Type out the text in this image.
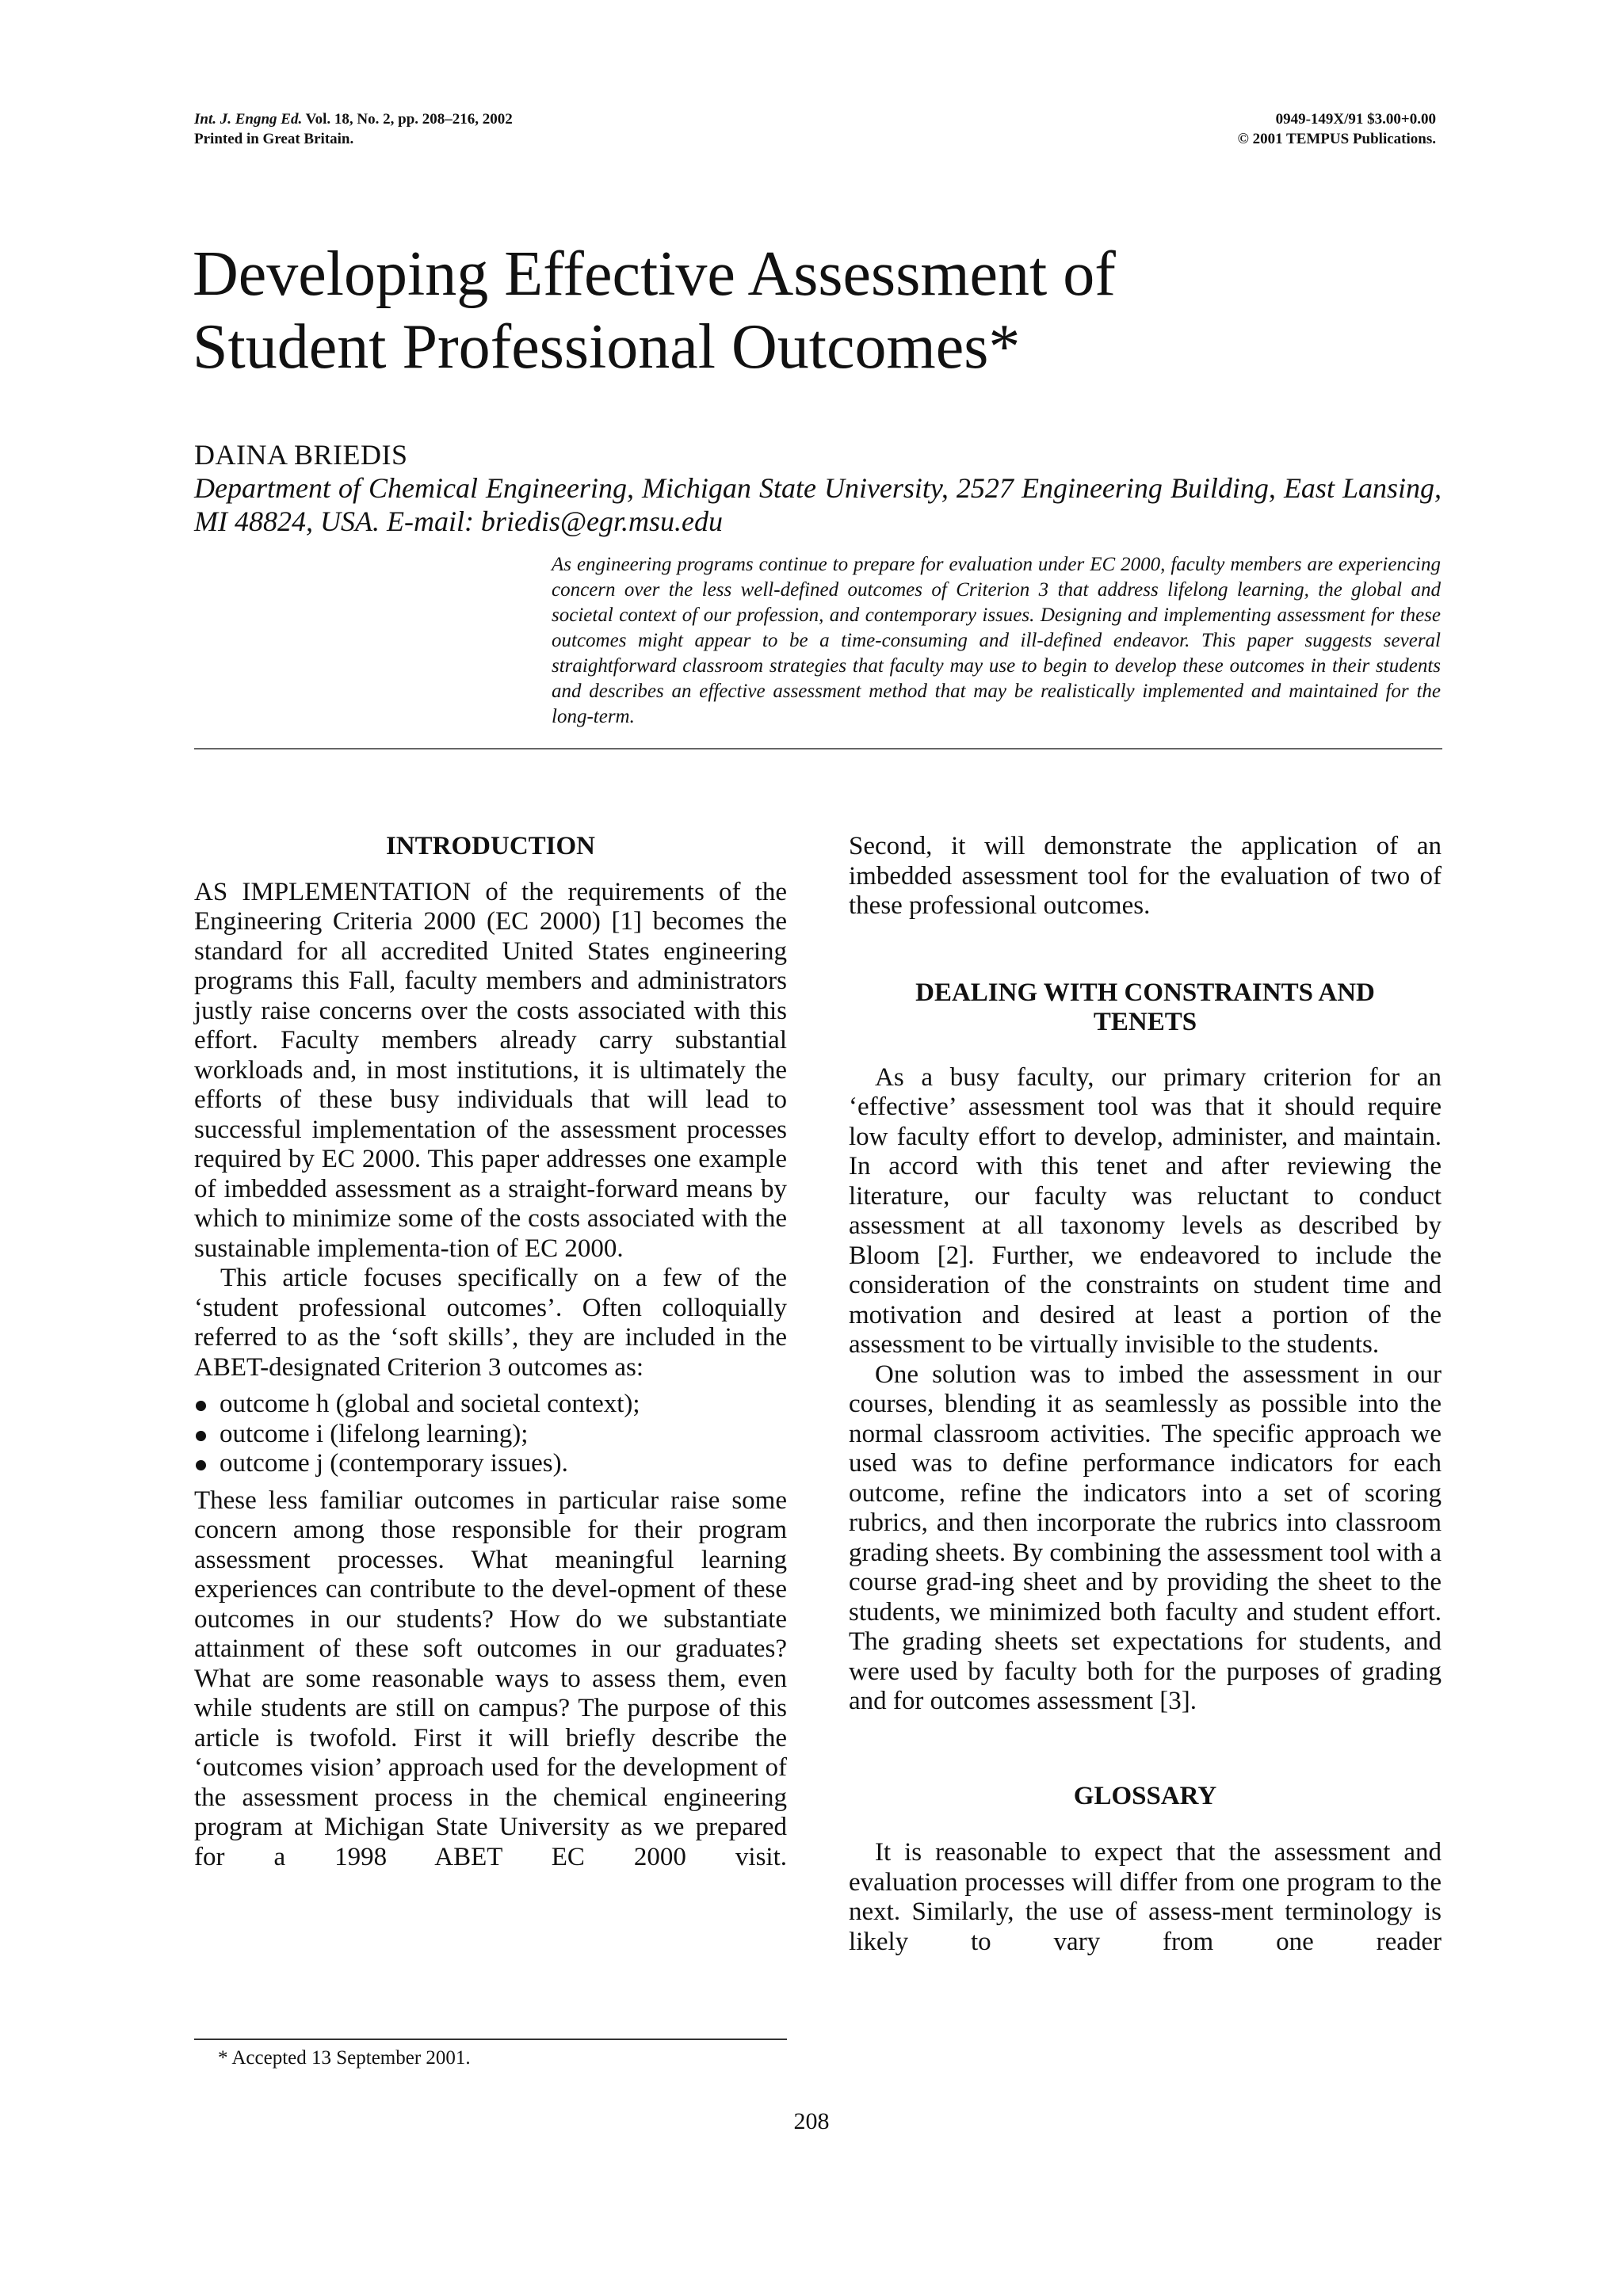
Int. J. Engng Ed. Vol. 18, No. 2, pp. 208–216, 2002
Printed in Great Britain.
0949-149X/91 $3.00+0.00
© 2001 TEMPUS Publications.
Developing Effective Assessment of
Student Professional Outcomes*
DAINA BRIEDIS
Department of Chemical Engineering, Michigan State University, 2527 Engineering Building, East Lansing, MI 48824, USA. E-mail: briedis@egr.msu.edu
As engineering programs continue to prepare for evaluation under EC 2000, faculty members are experiencing concern over the less well-defined outcomes of Criterion 3 that address lifelong learning, the global and societal context of our profession, and contemporary issues. Designing and implementing assessment for these outcomes might appear to be a time-consuming and ill-defined endeavor. This paper suggests several straightforward classroom strategies that faculty may use to begin to develop these outcomes in their students and describes an effective assessment method that may be realistically implemented and maintained for the long-term.
INTRODUCTION

AS IMPLEMENTATION of the requirements of the Engineering Criteria 2000 (EC 2000) [1] becomes the standard for all accredited United States engineering programs this Fall, faculty members and administrators justly raise concerns over the costs associated with this effort. Faculty members already carry substantial workloads and, in most institutions, it is ultimately the efforts of these busy individuals that will lead to successful implementation of the assessment processes required by EC 2000. This paper addresses one example of imbedded assessment as a straight-forward means by which to minimize some of the costs associated with the sustainable implementa-tion of EC 2000.

This article focuses specifically on a few of the ‘student professional outcomes’. Often colloquially referred to as the ‘soft skills’, they are included in the ABET-designated Criterion 3 outcomes as:

outcome h (global and societal context);
outcome i (lifelong learning);
outcome j (contemporary issues).

These less familiar outcomes in particular raise some concern among those responsible for their program assessment processes. What meaningful learning experiences can contribute to the devel-opment of these outcomes in our students? How do we substantiate attainment of these soft outcomes in our graduates? What are some reasonable ways to assess them, even while students are still on campus? The purpose of this article is twofold. First it will briefly describe the ‘outcomes vision’ approach used for the development of the assessment process in the chemical engineering program at Michigan State University as we prepared for a 1998 ABET EC 2000 visit.

Second, it will demonstrate the application of an imbedded assessment tool for the evaluation of two of these professional outcomes.

DEALING WITH CONSTRAINTS AND
TENETS

As a busy faculty, our primary criterion for an ‘effective’ assessment tool was that it should require low faculty effort to develop, administer, and maintain. In accord with this tenet and after reviewing the literature, our faculty was reluctant to conduct assessment at all taxonomy levels as described by Bloom [2]. Further, we endeavored to include the consideration of the constraints on student time and motivation and desired at least a portion of the assessment to be virtually invisible to the students.

One solution was to imbed the assessment in our courses, blending it as seamlessly as possible into the normal classroom activities. The specific approach we used was to define performance indicators for each outcome, refine the indicators into a set of scoring rubrics, and then incorporate the rubrics into classroom grading sheets. By combining the assessment tool with a course grad-ing sheet and by providing the sheet to the students, we minimized both faculty and student effort. The grading sheets set expectations for students, and were used by faculty both for the purposes of grading and for outcomes assessment [3].

GLOSSARY

It is reasonable to expect that the assessment and evaluation processes will differ from one program to the next. Similarly, the use of assess-ment terminology is likely to vary from one reader

* Accepted 13 September 2001.
208
